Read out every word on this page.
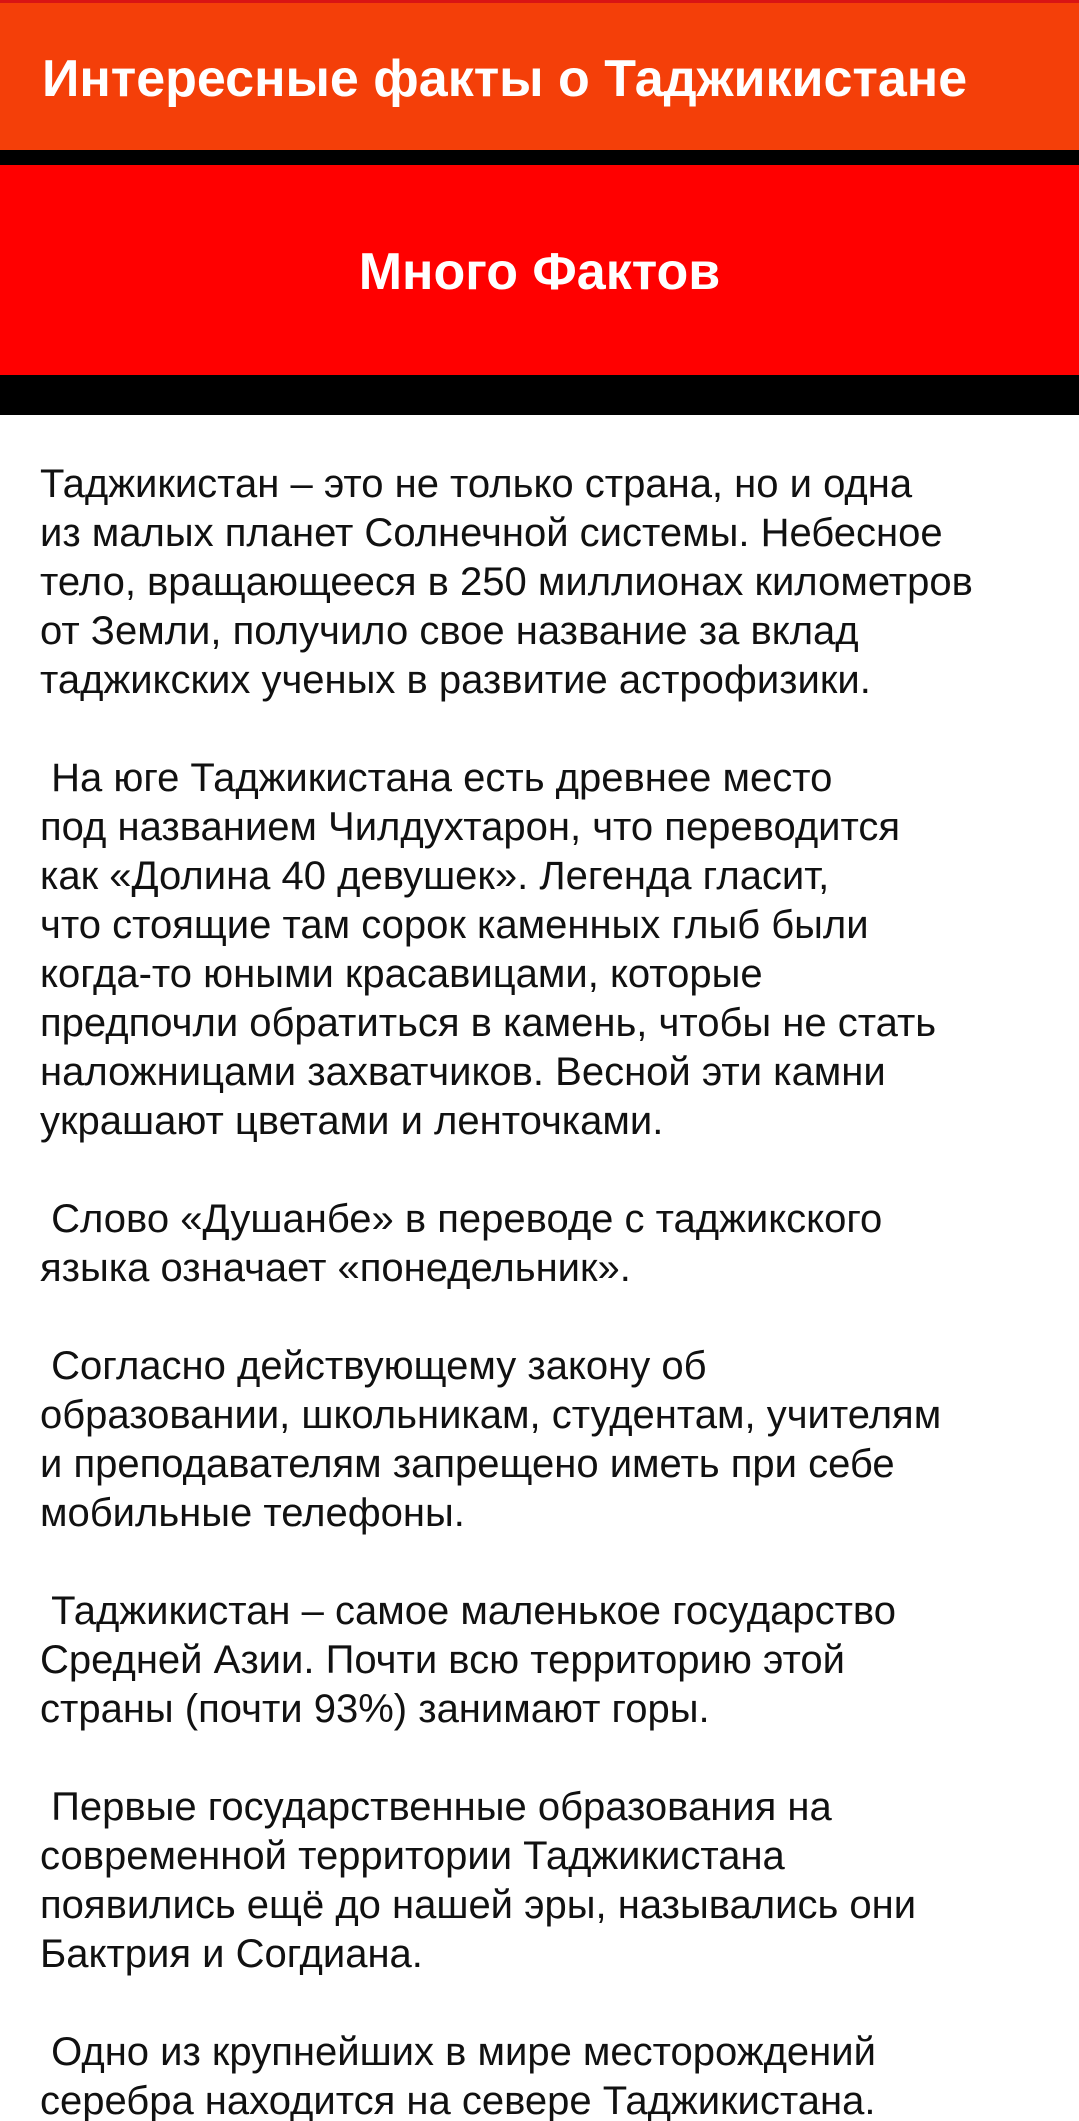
Интересные факты о Таджикистане
Много Фактов

Таджикистан – это не только страна, но и одна
из малых планет Солнечной системы. Небесное
тело, вращающееся в 250 миллионах километров
от Земли, получило свое название за вклад
таджикских ученых в развитие астрофизики.

На юге Таджикистана есть древнее место
под названием Чилдухтарон, что переводится
как «Долина 40 девушек». Легенда гласит,
что стоящие там сорок каменных глыб были
когда-то юными красавицами, которые
предпочли обратиться в камень, чтобы не стать
наложницами захватчиков. Весной эти камни
украшают цветами и ленточками.

Слово «Душанбе» в переводе с таджикского
языка означает «понедельник».

Согласно действующему закону об
образовании, школьникам, студентам, учителям
и преподавателям запрещено иметь при себе
мобильные телефоны.

Таджикистан – самое маленькое государство
Средней Азии. Почти всю территорию этой
страны (почти 93%) занимают горы.

Первые государственные образования на
современной территории Таджикистана
появились ещё до нашей эры, назывались они
Бактрия и Согдиана.

Одно из крупнейших в мире месторождений
серебра находится на севере Таджикистана.
